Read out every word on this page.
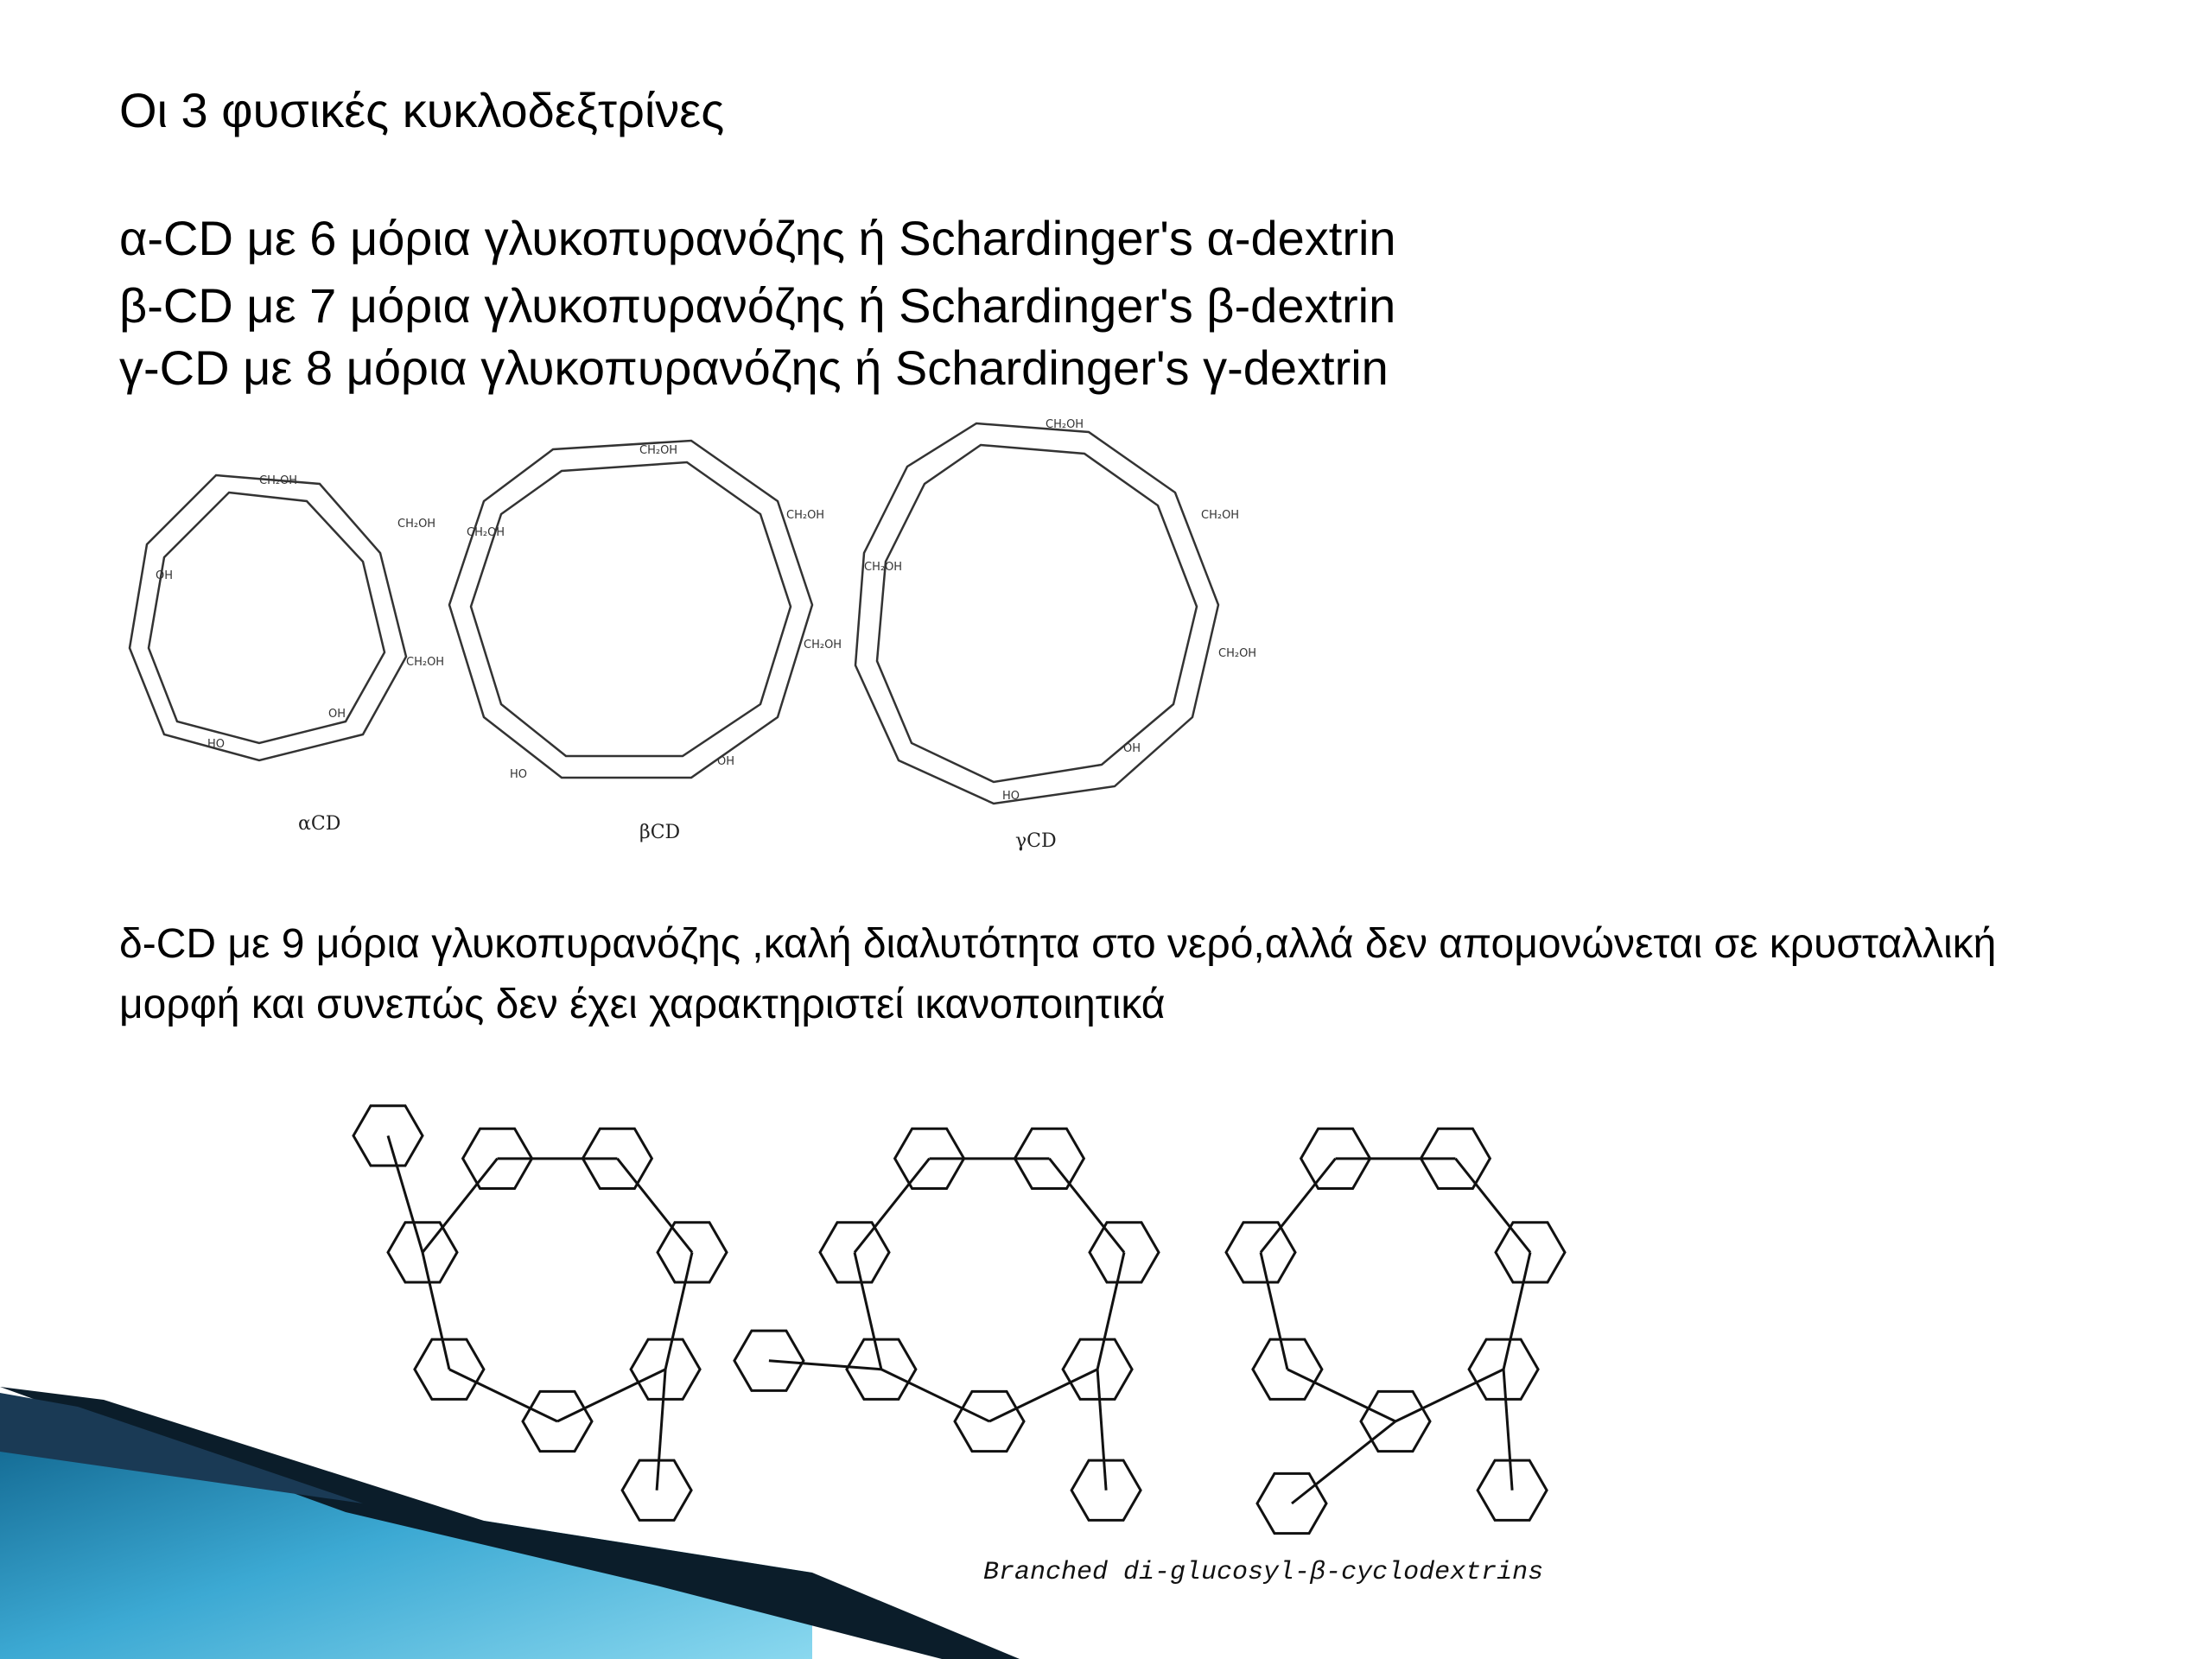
Οι 3 φυσικές κυκλοδεξτρίνες
α-CD με 6 μόρια γλυκοπυρανόζης ή Schardinger's α-dextrin
β-CD με 7 μόρια γλυκοπυρανόζης ή Schardinger's β-dextrin
γ-CD με 8 μόρια γλυκοπυρανόζης ή Schardinger's γ-dextrin
CH₂OH
CH₂OH
CH₂OH
OH
HO
OH
CH₂OH
CH₂OH
CH₂OH
HO
OH
CH₂OH
CH₂OH
CH₂OH
CH₂OH
HO
OH
CH₂OH
αCD	βCD	γCD
δ-CD με 9 μόρια γλυκοπυρανόζης ,καλή διαλυτότητα στο νερό,αλλά δεν απομονώνεται σε κρυσταλλική μορφή και συνεπώς δεν έχει χαρακτηριστεί ικανοποιητικά
Branched di-glucosyl-β-cyclodextrins
